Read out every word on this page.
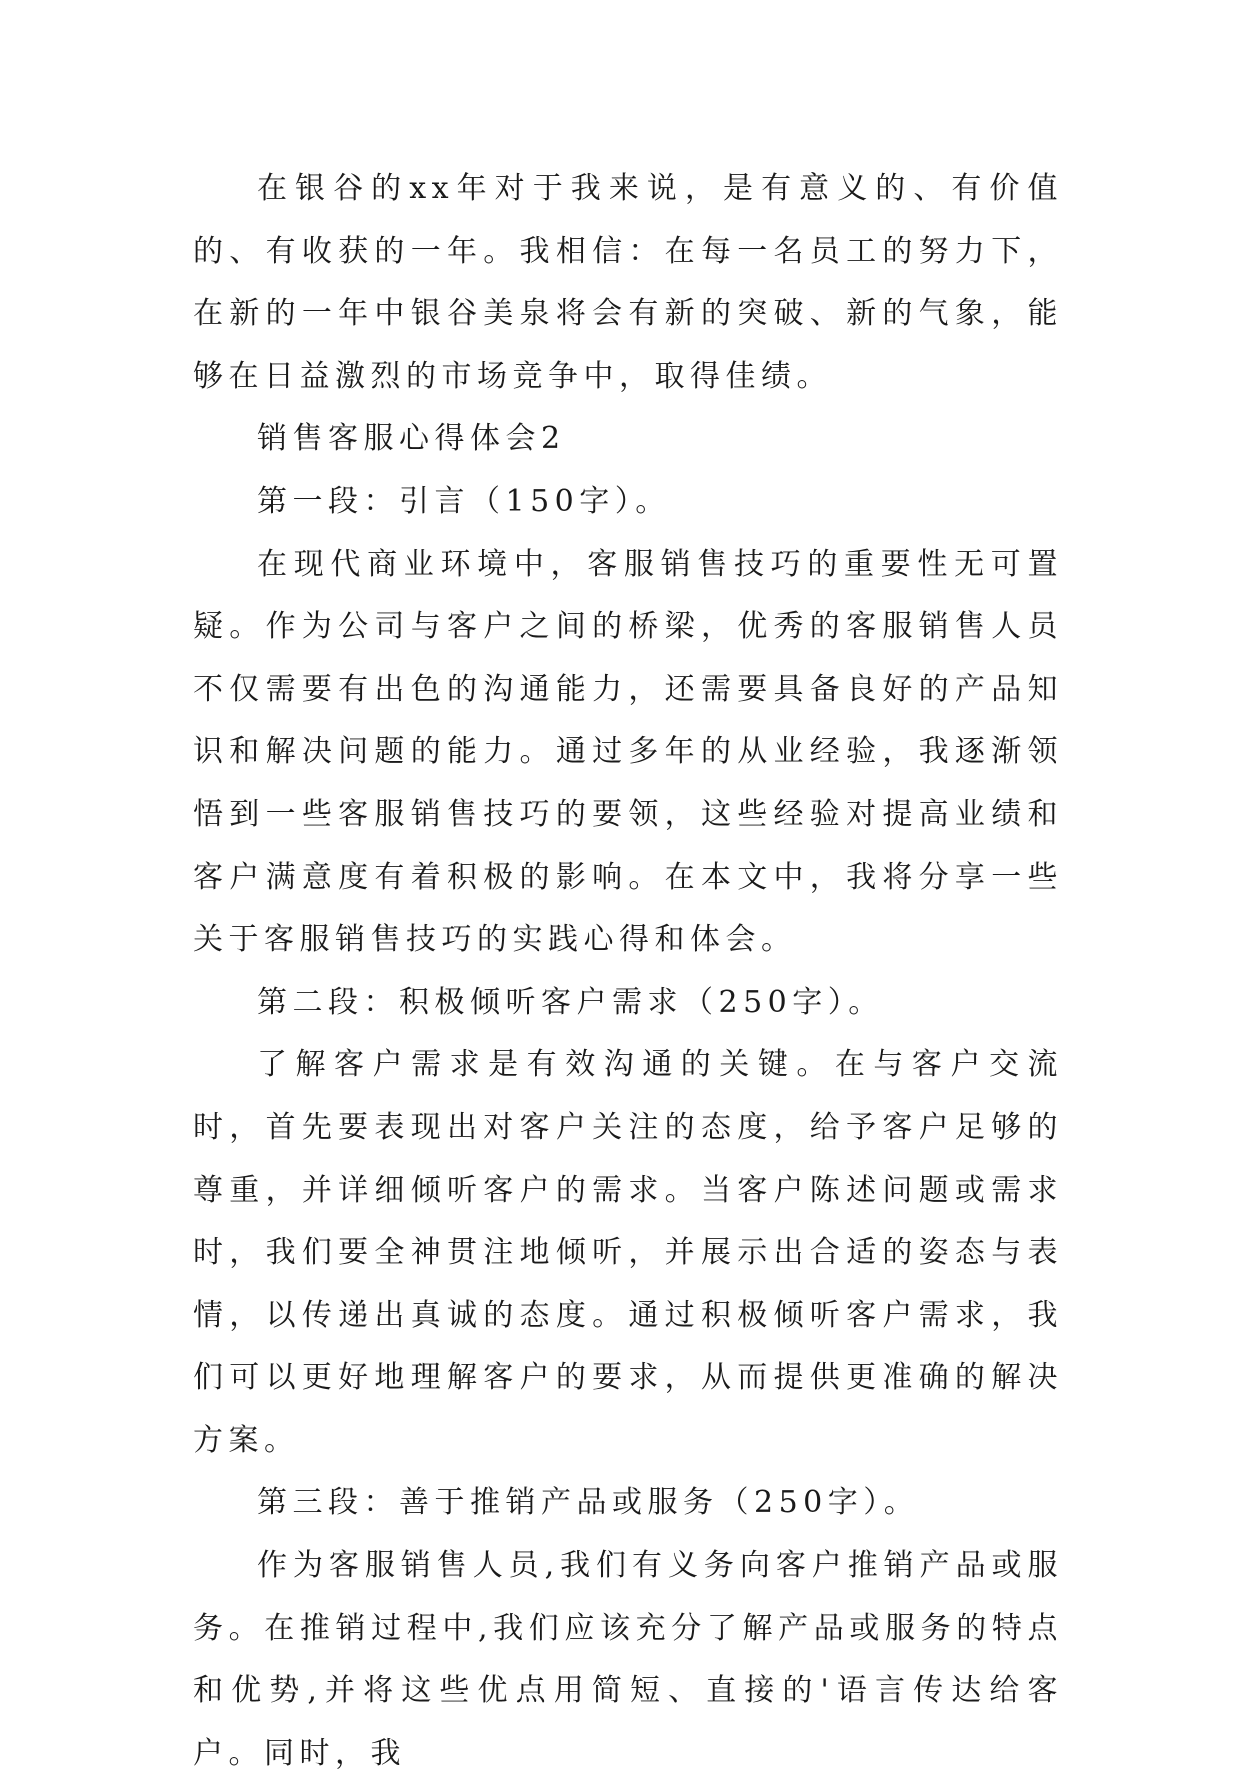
在银谷的xx年对于我来说，是有意义的、有价值的、有收获的一年。我相信：在每一名员工的努力下，在新的一年中银谷美泉将会有新的突破、新的气象，能够在日益激烈的市场竞争中，取得佳绩。

销售客服心得体会2

第一段：引言（150字）。

在现代商业环境中，客服销售技巧的重要性无可置疑。作为公司与客户之间的桥梁，优秀的客服销售人员不仅需要有出色的沟通能力，还需要具备良好的产品知识和解决问题的能力。通过多年的从业经验，我逐渐领悟到一些客服销售技巧的要领，这些经验对提高业绩和客户满意度有着积极的影响。在本文中，我将分享一些关于客服销售技巧的实践心得和体会。

第二段：积极倾听客户需求（250字）。

了解客户需求是有效沟通的关键。在与客户交流时，首先要表现出对客户关注的态度，给予客户足够的尊重，并详细倾听客户的需求。当客户陈述问题或需求时，我们要全神贯注地倾听，并展示出合适的姿态与表情，以传递出真诚的态度。通过积极倾听客户需求，我们可以更好地理解客户的要求，从而提供更准确的解决方案。

第三段：善于推销产品或服务（250字）。

作为客服销售人员,我们有义务向客户推销产品或服务。在推销过程中,我们应该充分了解产品或服务的特点和优势,并将这些优点用简短、直接的'语言传达给客户。同时，我
